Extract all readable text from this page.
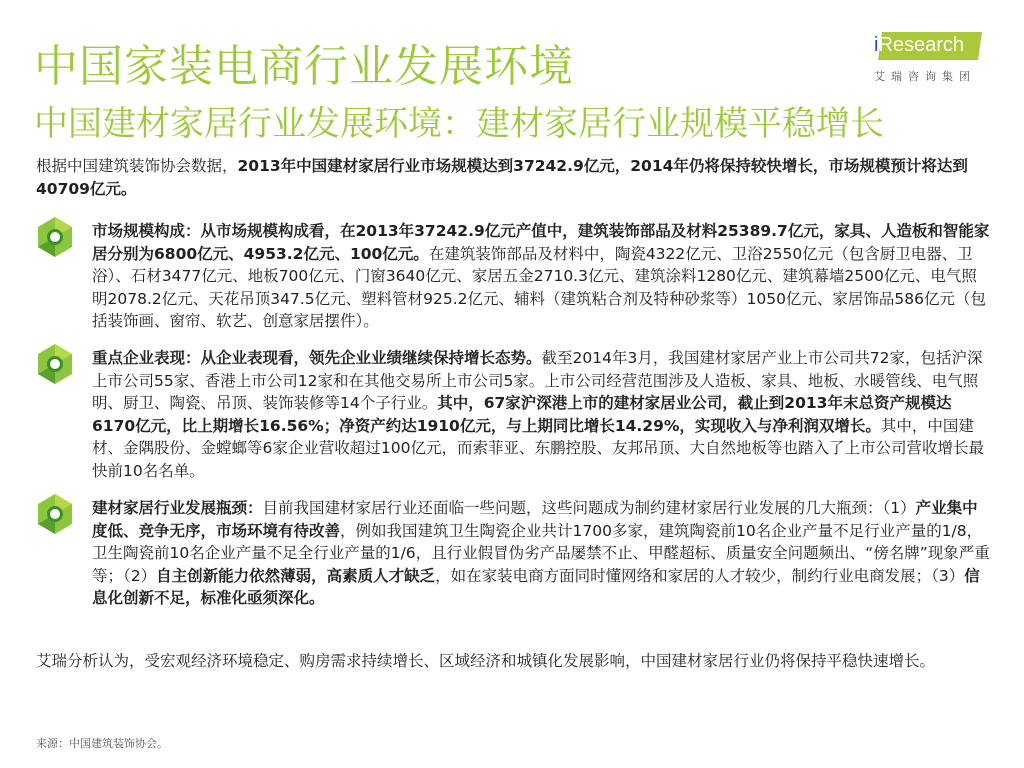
中国家装电商行业发展环境
中国建材家居行业发展环境：建材家居行业规模平稳增长
iResearch
艾瑞咨询集团
根据中国建筑装饰协会数据，2013年中国建材家居行业市场规模达到37242.9亿元，2014年仍将保持较快增长，市场规模预计将达到40709亿元。
市场规模构成：从市场规模构成看，在2013年37242.9亿元产值中，建筑装饰部品及材料25389.7亿元，家具、人造板和智能家居分别为6800亿元、4953.2亿元、100亿元。在建筑装饰部品及材料中，陶瓷4322亿元、卫浴2550亿元（包含厨卫电器、卫浴）、石材3477亿元、地板700亿元、门窗3640亿元、家居五金2710.3亿元、建筑涂料1280亿元、建筑幕墙2500亿元、电气照明2078.2亿元、天花吊顶347.5亿元、塑料管材925.2亿元、辅料（建筑粘合剂及特种砂浆等）1050亿元、家居饰品586亿元（包括装饰画、窗帘、软艺、创意家居摆件）。
重点企业表现：从企业表现看，领先企业业绩继续保持增长态势。截至2014年3月，我国建材家居产业上市公司共72家，包括沪深上市公司55家、香港上市公司12家和在其他交易所上市公司5家。上市公司经营范围涉及人造板、家具、地板、水暖管线、电气照明、厨卫、陶瓷、吊顶、装饰装修等14个子行业。其中，67家沪深港上市的建材家居业公司，截止到2013年末总资产规模达6170亿元，比上期增长16.56%；净资产约达1910亿元，与上期同比增长14.29%，实现收入与净利润双增长。其中，中国建材、金隅股份、金螳螂等6家企业营收超过100亿元，而索菲亚、东鹏控股、友邦吊顶、大自然地板等也踏入了上市公司营收增长最快前10名名单。
建材家居行业发展瓶颈：目前我国建材家居行业还面临一些问题，这些问题成为制约建材家居行业发展的几大瓶颈：（1）产业集中度低、竞争无序，市场环境有待改善，例如我国建筑卫生陶瓷企业共计1700多家，建筑陶瓷前10名企业产量不足行业产量的1/8，卫生陶瓷前10名企业产量不足全行业产量的1/6，且行业假冒伪劣产品屡禁不止、甲醛超标、质量安全问题频出、“傍名牌”现象严重等；（2）自主创新能力依然薄弱，高素质人才缺乏，如在家装电商方面同时懂网络和家居的人才较少，制约行业电商发展；（3）信息化创新不足，标准化亟须深化。
艾瑞分析认为，受宏观经济环境稳定、购房需求持续增长、区域经济和城镇化发展影响，中国建材家居行业仍将保持平稳快速增长。
来源：中国建筑装饰协会。
